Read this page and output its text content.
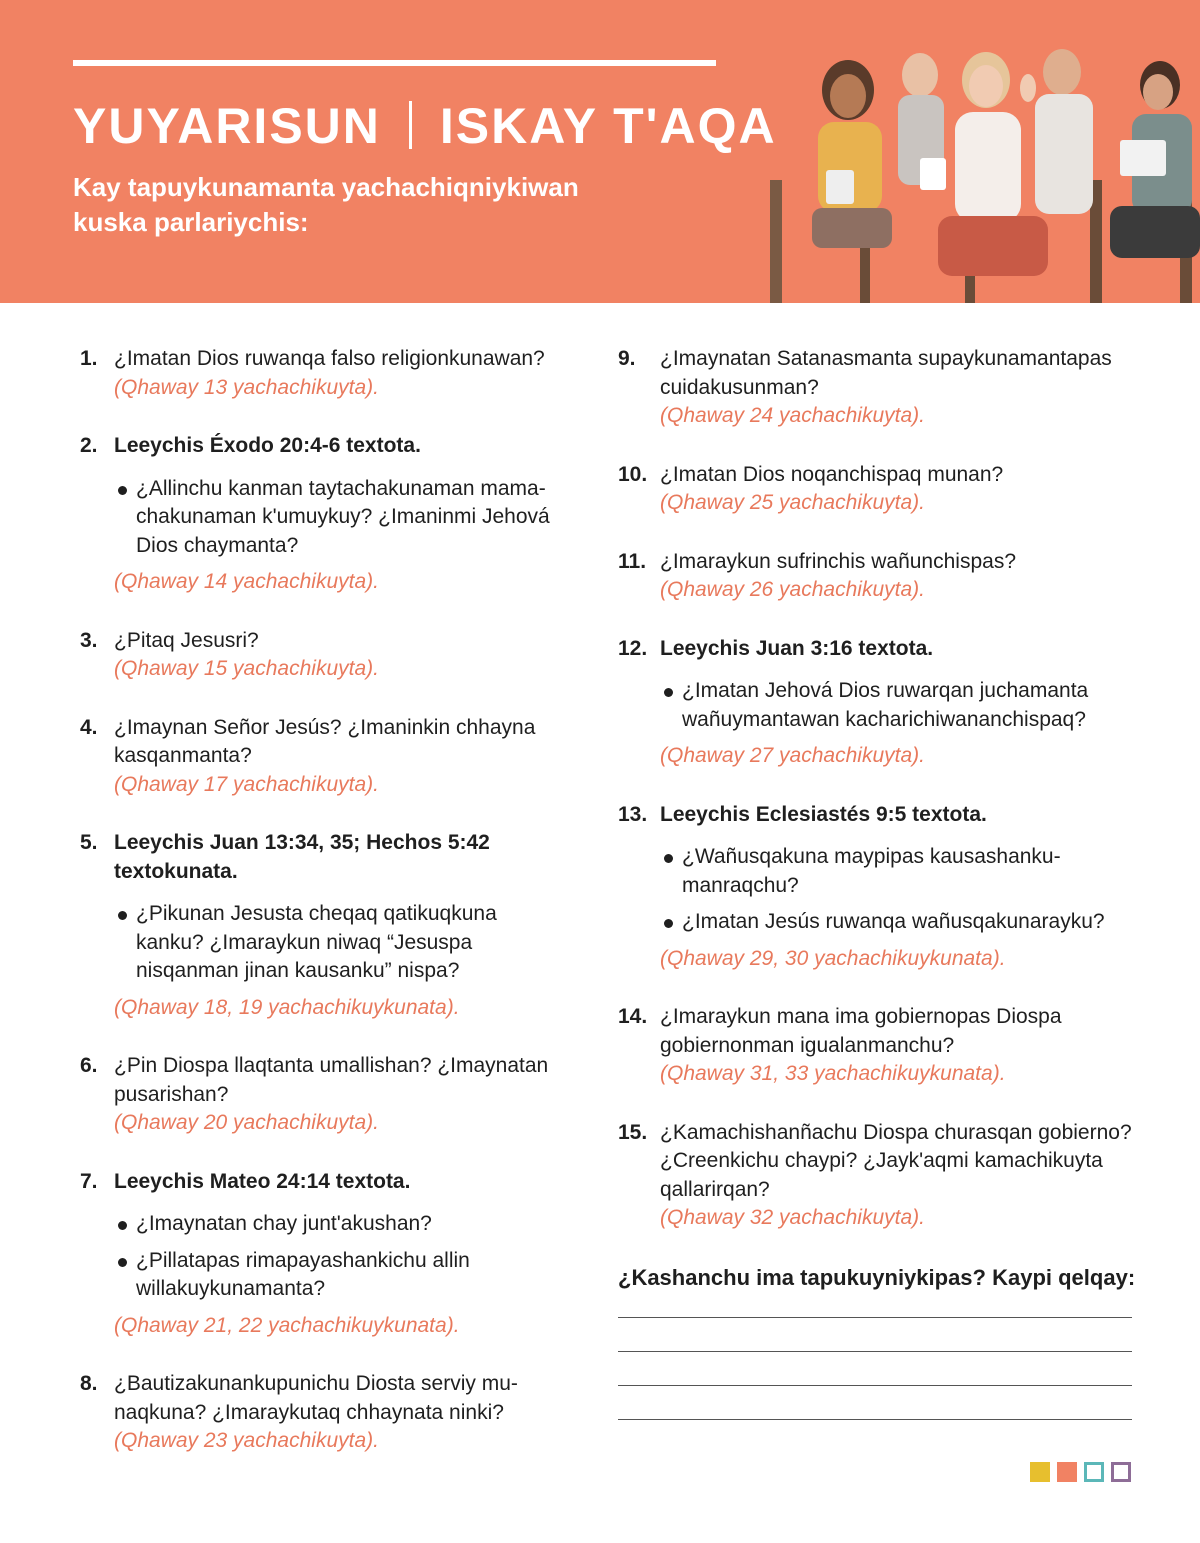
YUYARISUN ISKAY T'AQA

Kay tapuykunamanta yachachiqniykiwan kuska parlariychis:

1. ¿Imatan Dios ruwanqa falso religionkunawan?
(Qhaway 13 yachachikuyta).
2. Leeychis Éxodo 20:4-6 textota.
¿Allinchu kanman taytachakunaman mamachakunaman k'umuykuy? ¿Imaninmi Jehová Dios chaymanta?
(Qhaway 14 yachachikuyta).
3. ¿Pitaq Jesusri?
(Qhaway 15 yachachikuyta).
4. ¿Imaynan Señor Jesús? ¿Imaninkin chhayna kasqanmanta?
(Qhaway 17 yachachikuyta).
5. Leeychis Juan 13:34, 35; Hechos 5:42 textokunata.
¿Pikunan Jesusta cheqaq qatikuqkuna kanku? ¿Imaraykun niwaq “Jesuspa nisqanman jinan kausanku” nispa?
(Qhaway 18, 19 yachachikuykunata).
6. ¿Pin Diospa llaqtanta umallishan? ¿Imaynatan pusarishan?
(Qhaway 20 yachachikuyta).
7. Leeychis Mateo 24:14 textota.
¿Imaynatan chay junt'akushan?
¿Pillatapas rimapayashankichu allin willakuykunamanta?
(Qhaway 21, 22 yachachikuykunata).
8. ¿Bautizakunankupunichu Diosta serviy munaqkuna? ¿Imaraykutaq chhaynata ninki?
(Qhaway 23 yachachikuyta).
9. ¿Imaynatan Satanasmanta supaykunamantapas cuidakusunman?
(Qhaway 24 yachachikuyta).
10. ¿Imatan Dios noqanchispaq munan?
(Qhaway 25 yachachikuyta).
11. ¿Imaraykun sufrinchis wañunchispas?
(Qhaway 26 yachachikuyta).
12. Leeychis Juan 3:16 textota.
¿Imatan Jehová Dios ruwarqan juchamanta wañuymantawan kacharichiwananchispaq?
(Qhaway 27 yachachikuyta).
13. Leeychis Eclesiastés 9:5 textota.
¿Wañusqakuna maypipas kausashankumanraqchu?
¿Imatan Jesús ruwanqa wañusqakunarayku?
(Qhaway 29, 30 yachachikuykunata).
14. ¿Imaraykun mana ima gobiernopas Diospa gobiernonman igualanmanchu?
(Qhaway 31, 33 yachachikuykunata).
15. ¿Kamachishanñachu Diospa churasqan gobierno? ¿Creenkichu chaypi? ¿Jayk'aqmi kamachikuyta qallarirqan?
(Qhaway 32 yachachikuyta).
¿Kashanchu ima tapukuyniykipas? Kaypi qelqay:
